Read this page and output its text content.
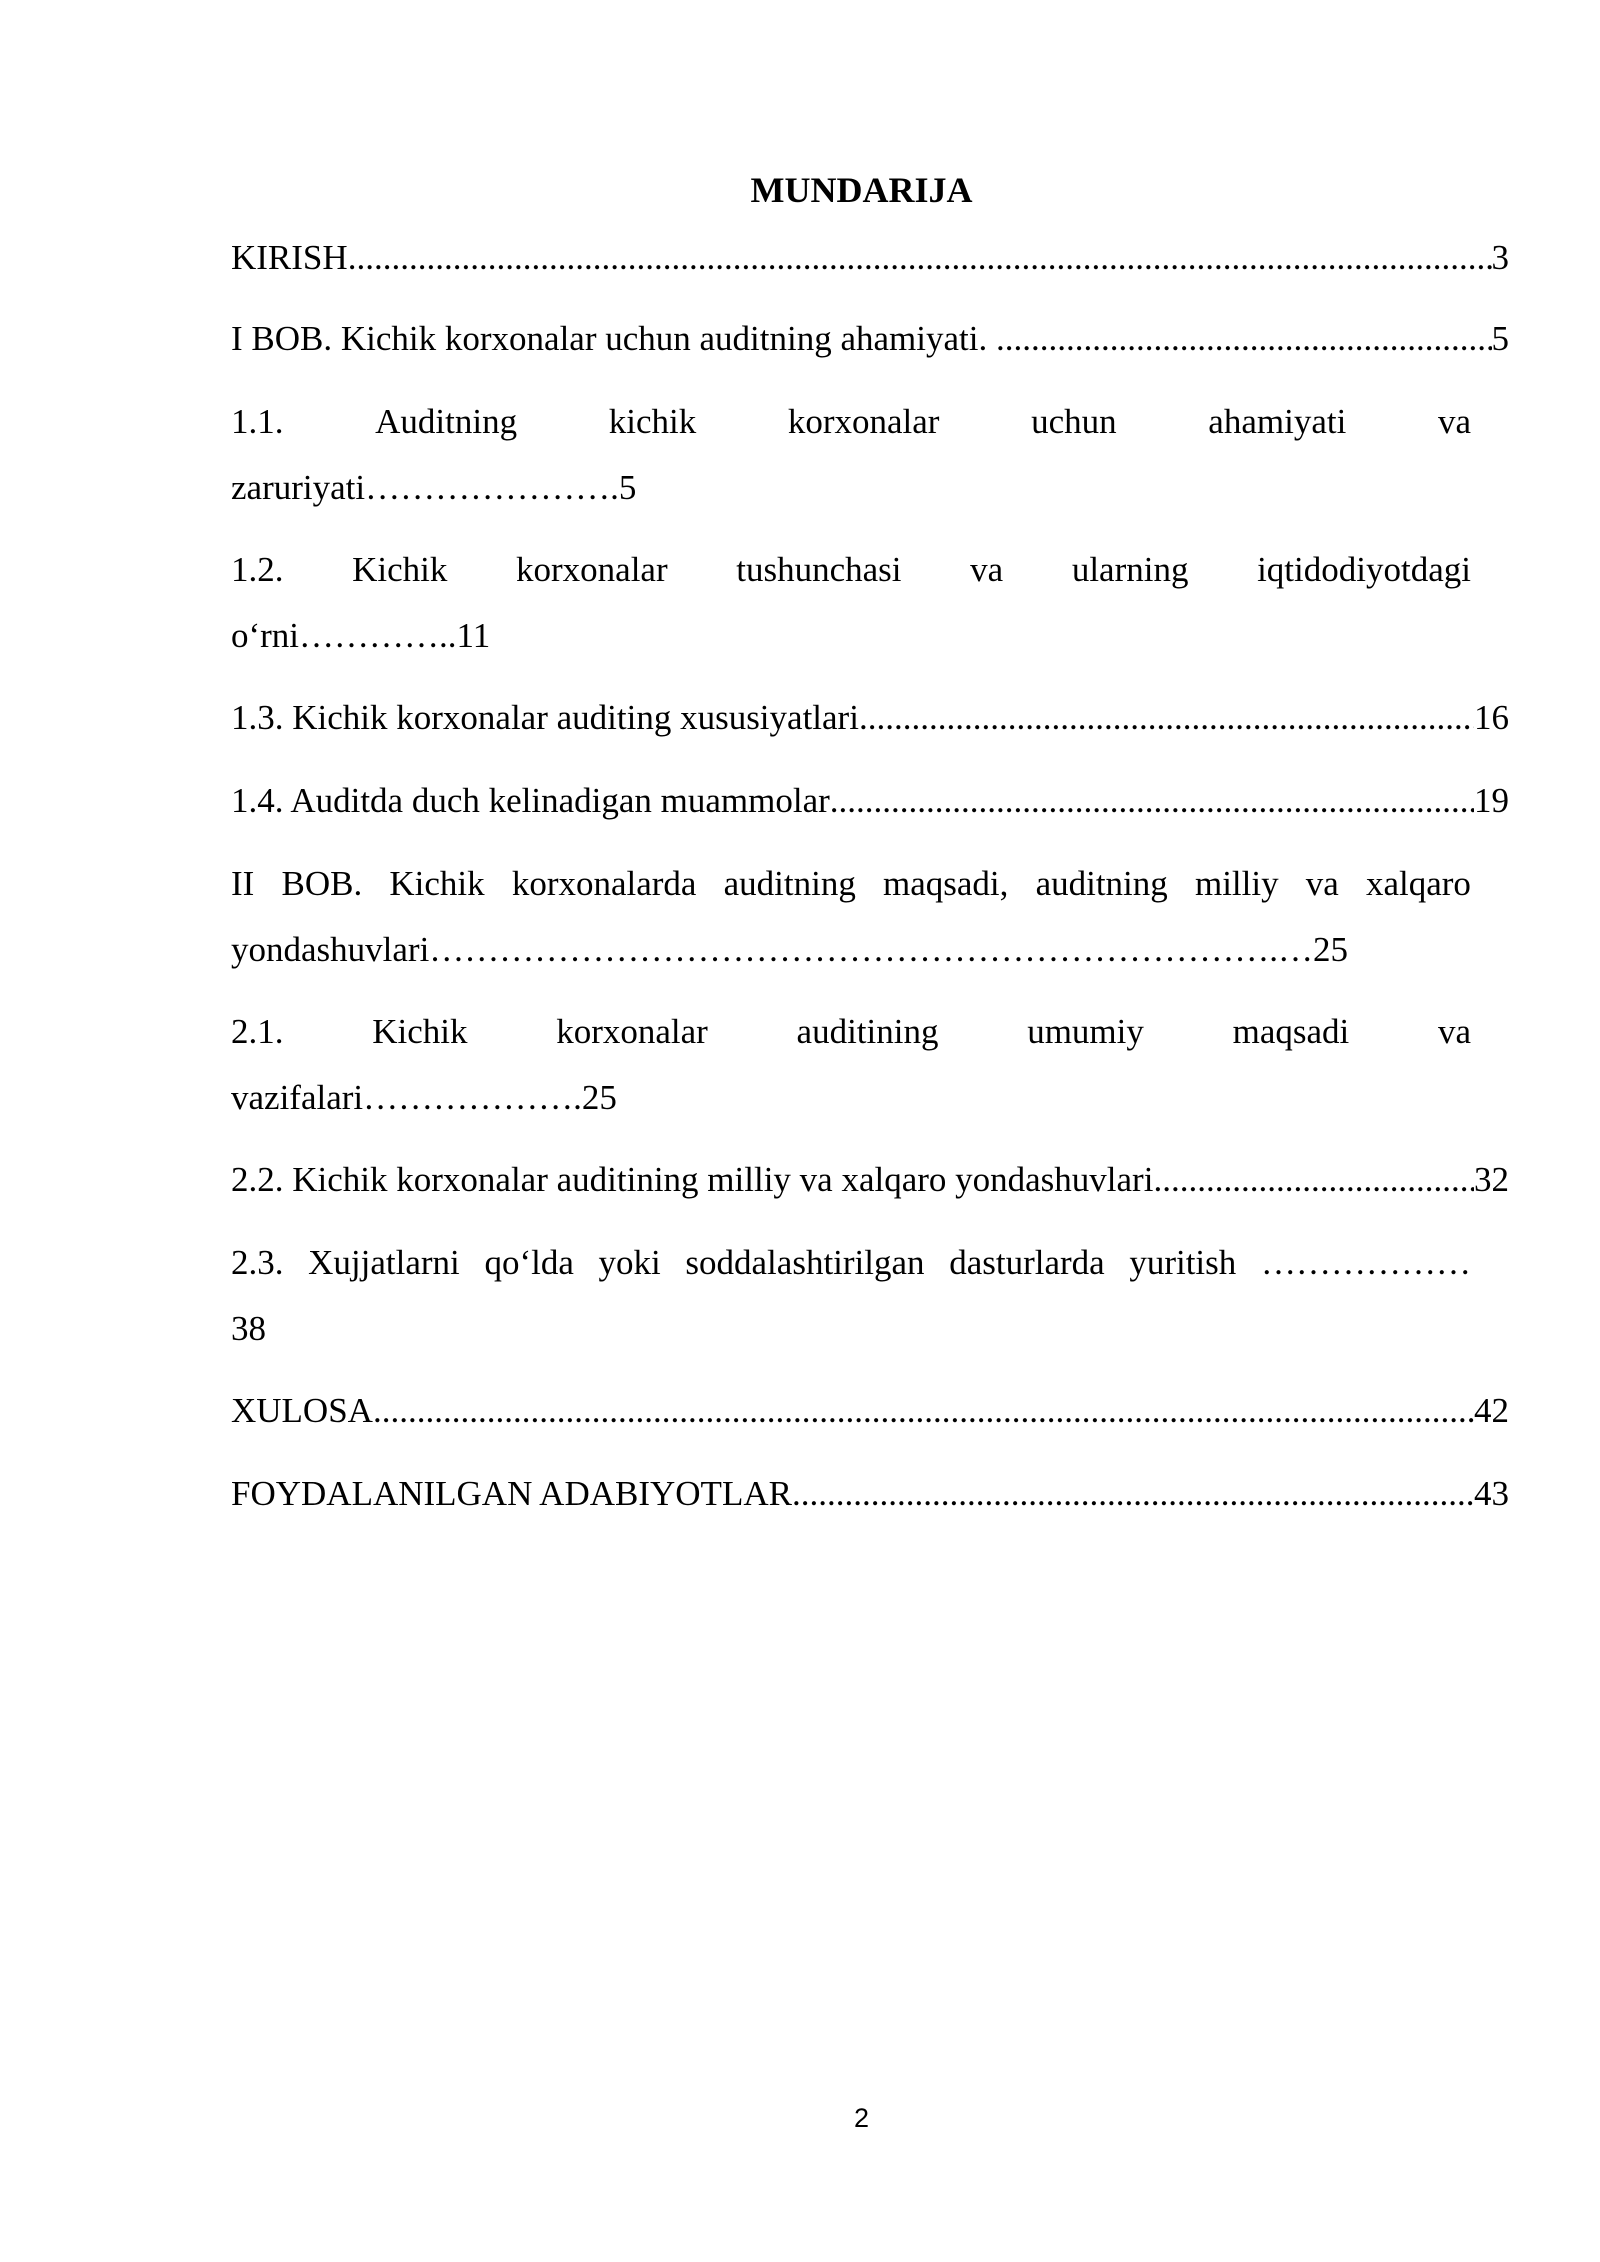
MUNDARIJA
KIRISH .....	3
I BOB. Kichik korxonalar uchun auditning ahamiyati. .....	5
1.1.	Auditning	kichik	korxonalar	uchun	ahamiyati	va
zaruriyati………………….5
1.2. Kichik korxonalar tushunchasi va ularning iqtidodiyotdagi
o‘rni…………..11
1.3. Kichik korxonalar auditing xususiyatlari .....	16
1.4. Auditda duch kelinadigan muammolar .....	19
II BOB. Kichik korxonalarda auditning maqsadi, auditning milliy va xalqaro
yondashuvlari……………………………………………………………….…25
2.1.	Kichik	korxonalar	auditining	umumiy	maqsadi	va
vazifalari……………….25
2.2. Kichik korxonalar auditining milliy va xalqaro yondashuvlari .....	32
2.3. Xujjatlarni qo‘lda yoki soddalashtirilgan dasturlarda yuritish ………………
38
XULOSA .....	42
FOYDALANILGAN ADABIYOTLAR .....	43
2
